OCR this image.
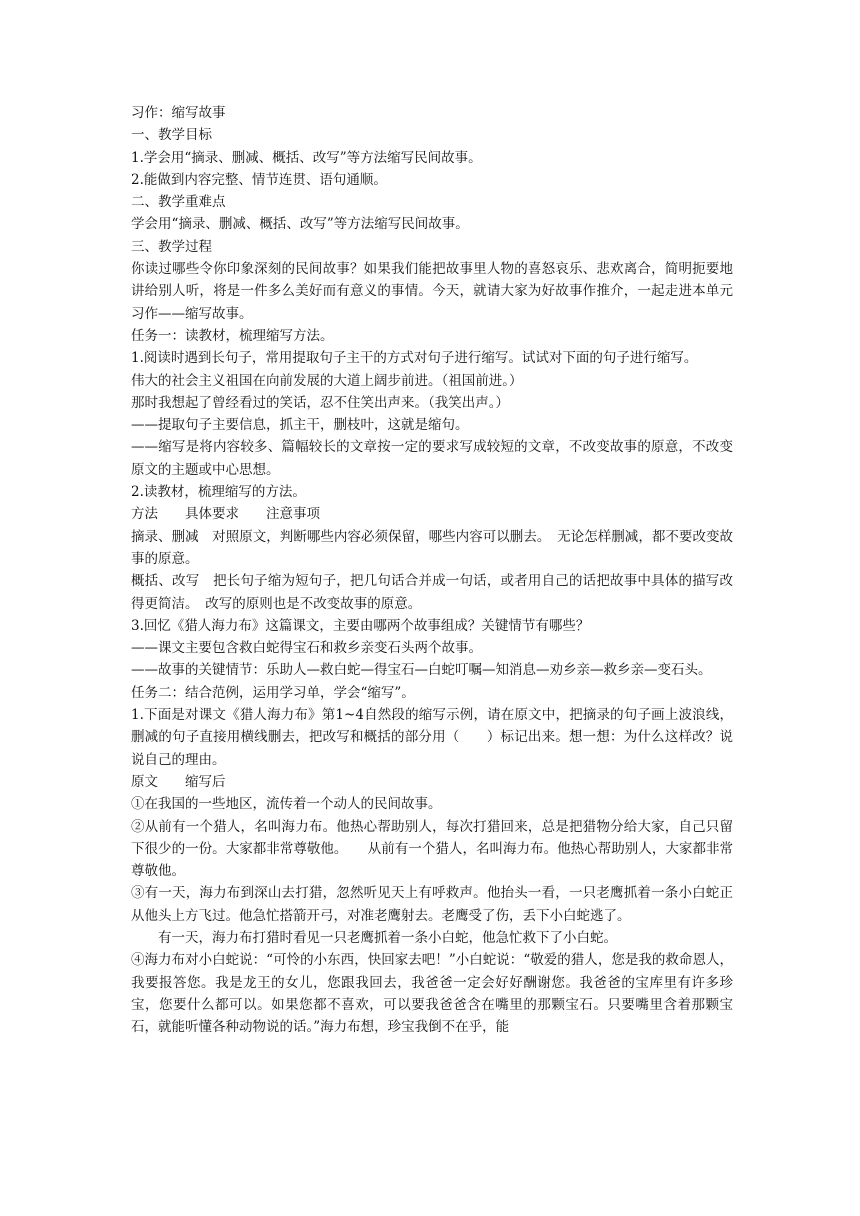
习作：缩写故事

一、教学目标

1.学会用“摘录、删减、概括、改写”等方法缩写民间故事。

2.能做到内容完整、情节连贯、语句通顺。

二、教学重难点

学会用“摘录、删减、概括、改写”等方法缩写民间故事。

三、教学过程

你读过哪些令你印象深刻的民间故事？如果我们能把故事里人物的喜怒哀乐、悲欢离合，简明扼要地讲给别人听，将是一件多么美好而有意义的事情。今天，就请大家为好故事作推介，一起走进本单元习作——缩写故事。

任务一：读教材，梳理缩写方法。

1.阅读时遇到长句子，常用提取句子主干的方式对句子进行缩写。试试对下面的句子进行缩写。

伟大的社会主义祖国在向前发展的大道上阔步前进。（祖国前进。）

那时我想起了曾经看过的笑话，忍不住笑出声来。（我笑出声。）

——提取句子主要信息，抓主干，删枝叶，这就是缩句。

——缩写是将内容较多、篇幅较长的文章按一定的要求写成较短的文章，不改变故事的原意，不改变原文的主题或中心思想。

2.读教材，梳理缩写的方法。

方法　　具体要求　　注意事项

摘录、删减　对照原文，判断哪些内容必须保留，哪些内容可以删去。　无论怎样删减，都不要改变故事的原意。

概括、改写　把长句子缩为短句子，把几句话合并成一句话，或者用自己的话把故事中具体的描写改得更简洁。　改写的原则也是不改变故事的原意。

3.回忆《猎人海力布》这篇课文，主要由哪两个故事组成？关键情节有哪些？

——课文主要包含救白蛇得宝石和救乡亲变石头两个故事。

——故事的关键情节：乐助人—救白蛇—得宝石—白蛇叮嘱—知消息—劝乡亲—救乡亲—变石头。

任务二：结合范例，运用学习单，学会“缩写”。

1.下面是对课文《猎人海力布》第1~4自然段的缩写示例，请在原文中，把摘录的句子画上波浪线，删减的句子直接用横线删去，把改写和概括的部分用（　　）标记出来。想一想：为什么这样改？说说自己的理由。

原文　　缩写后

①在我国的一些地区，流传着一个动人的民间故事。

②从前有一个猎人，名叫海力布。他热心帮助别人，每次打猎回来，总是把猎物分给大家，自己只留下很少的一份。大家都非常尊敬他。　　从前有一个猎人，名叫海力布。他热心帮助别人，大家都非常尊敬他。

③有一天，海力布到深山去打猎，忽然听见天上有呼救声。他抬头一看，一只老鹰抓着一条小白蛇正从他头上方飞过。他急忙搭箭开弓，对准老鹰射去。老鹰受了伤，丢下小白蛇逃了。

有一天，海力布打猎时看见一只老鹰抓着一条小白蛇，他急忙救下了小白蛇。

④海力布对小白蛇说：“可怜的小东西，快回家去吧！”小白蛇说：“敬爱的猎人，您是我的救命恩人，我要报答您。我是龙王的女儿，您跟我回去，我爸爸一定会好好酬谢您。我爸爸的宝库里有许多珍宝，您要什么都可以。如果您都不喜欢，可以要我爸爸含在嘴里的那颗宝石。只要嘴里含着那颗宝石，就能听懂各种动物说的话。”海力布想，珍宝我倒不在乎，能
